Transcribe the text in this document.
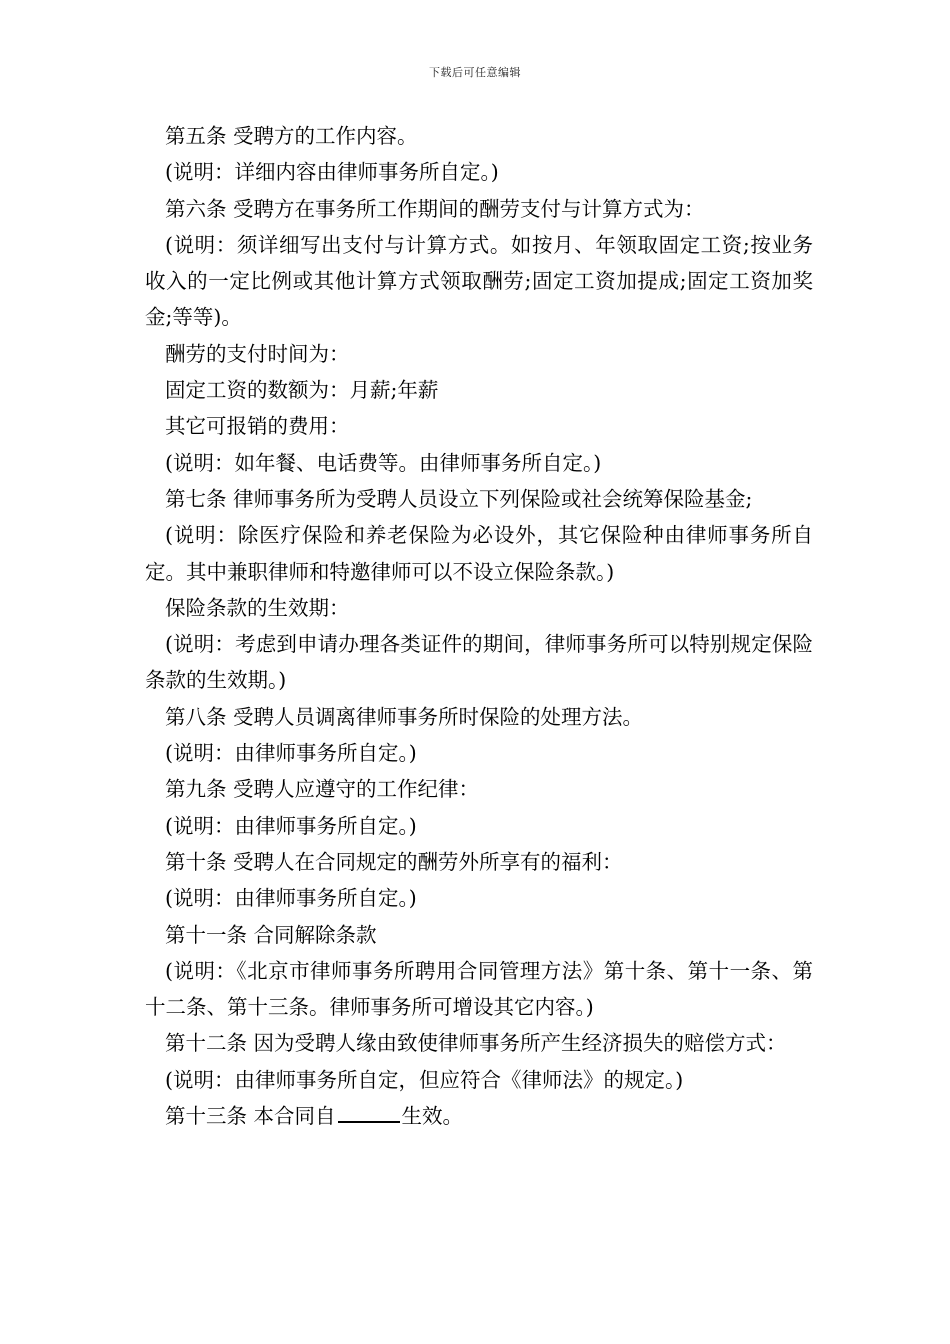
下载后可任意编辑

第五条 受聘方的工作内容。

(说明：详细内容由律师事务所自定。)

第六条 受聘方在事务所工作期间的酬劳支付与计算方式为：

(说明：须详细写出支付与计算方式。如按月、年领取固定工资;按业务收入的一定比例或其他计算方式领取酬劳;固定工资加提成;固定工资加奖金;等等)。

酬劳的支付时间为：

固定工资的数额为：月薪;年薪

其它可报销的费用：

(说明：如年餐、电话费等。由律师事务所自定。)

第七条 律师事务所为受聘人员设立下列保险或社会统筹保险基金;

(说明：除医疗保险和养老保险为必设外，其它保险种由律师事务所自定。其中兼职律师和特邀律师可以不设立保险条款。)

保险条款的生效期：

(说明：考虑到申请办理各类证件的期间，律师事务所可以特别规定保险条款的生效期。)

第八条 受聘人员调离律师事务所时保险的处理方法。

(说明：由律师事务所自定。)

第九条 受聘人应遵守的工作纪律：

(说明：由律师事务所自定。)

第十条 受聘人在合同规定的酬劳外所享有的福利：

(说明：由律师事务所自定。)

第十一条 合同解除条款

(说明：《北京市律师事务所聘用合同管理方法》第十条、第十一条、第十二条、第十三条。律师事务所可增设其它内容。)

第十二条 因为受聘人缘由致使律师事务所产生经济损失的赔偿方式：

(说明：由律师事务所自定，但应符合《律师法》的规定。)

第十三条 本合同自	生效。
